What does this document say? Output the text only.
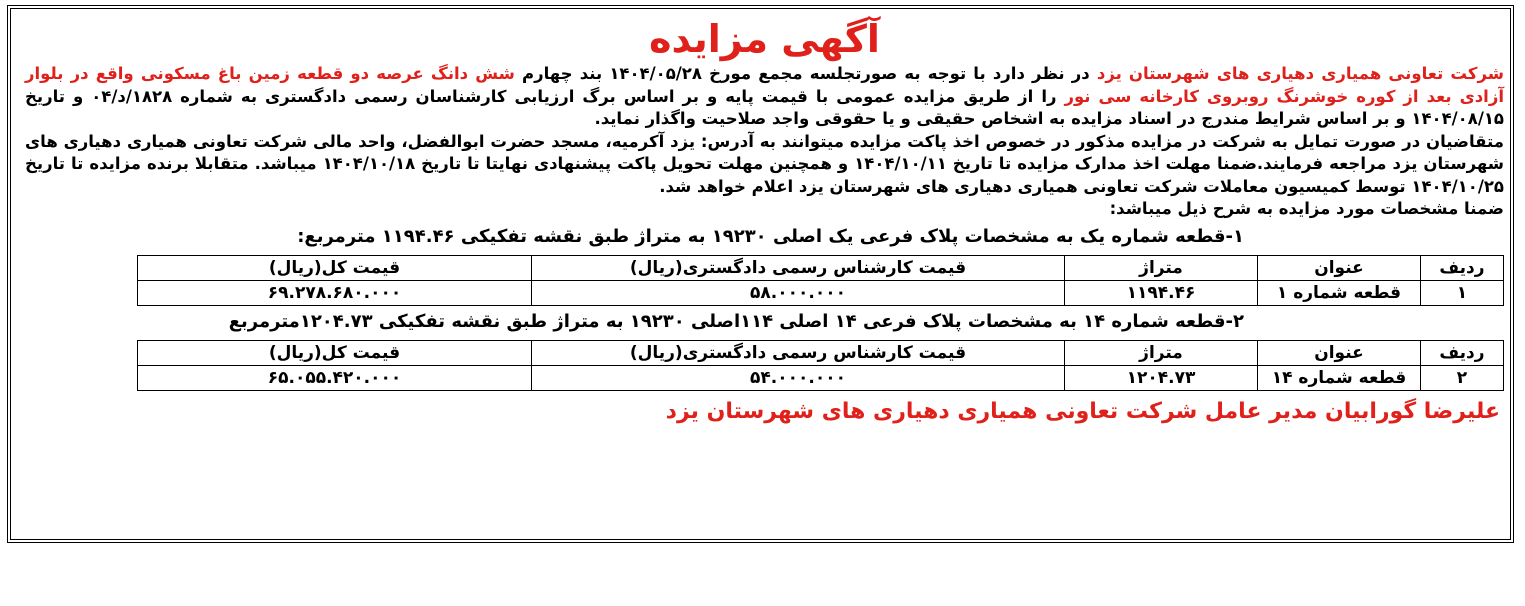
آگهی مزایده

شرکت تعاونی همیاری دهیاری های شهرستان یزد در نظر دارد با توجه به صورتجلسه مجمع مورخ ۱۴۰۴/۰۵/۲۸ بند چهارم شش دانگ عرصه دو قطعه زمین باغ مسکونی واقع در بلوار آزادی بعد از کوره خوشرنگ روبروی کارخانه سی نور را از طریق مزایده عمومی با قیمت پایه و بر اساس برگ ارزیابی کارشناسان رسمی دادگستری به شماره ۱۸۲۸/د/۰۴ و تاریخ ۱۴۰۴/۰۸/۱۵ و بر اساس شرایط مندرج در اسناد مزایده به اشخاص حقیقی و یا حقوقی واجد صلاحیت واگذار نماید.

متقاضیان در صورت تمایل به شرکت در مزایده مذکور در خصوص اخذ پاکت مزایده میتوانند به آدرس: یزد آکرمیه، مسجد حضرت ابوالفضل، واحد مالی شرکت تعاونی همیاری دهیاری های شهرستان یزد مراجعه فرمایند.ضمنا مهلت اخذ مدارک مزایده تا تاریخ ۱۴۰۴/۱۰/۱۱ و همچنین مهلت تحویل پاکت پیشنهادی نهایتا تا تاریخ ۱۴۰۴/۱۰/۱۸ میباشد. متقابلا برنده مزایده تا تاریخ ۱۴۰۴/۱۰/۲۵ توسط کمیسیون معاملات شرکت تعاونی همیاری دهیاری های شهرستان یزد اعلام خواهد شد.

ضمنا مشخصات مورد مزایده به شرح ذیل میباشد:

۱-قطعه شماره یک به مشخصات پلاک فرعی یک اصلی ۱۹۲۳۰ به متراژ طبق نقشه تفکیکی ۱۱۹۴.۴۶ مترمربع:
ردیف	عنوان	متراژ	قیمت کارشناس رسمی دادگستری(ریال)	قیمت کل(ریال)
۱	قطعه شماره ۱	۱۱۹۴.۴۶	۵۸.۰۰۰.۰۰۰	۶۹.۲۷۸.۶۸۰.۰۰۰
۲-قطعه شماره ۱۴ به مشخصات پلاک فرعی ۱۴ اصلی ۱۱۴اصلی ۱۹۲۳۰ به متراژ طبق نقشه تفکیکی ۱۲۰۴.۷۳مترمربع
ردیف	عنوان	متراژ	قیمت کارشناس رسمی دادگستری(ریال)	قیمت کل(ریال)
۲	قطعه شماره ۱۴	۱۲۰۴.۷۳	۵۴.۰۰۰.۰۰۰	۶۵.۰۵۵.۴۲۰.۰۰۰
علیرضا گورابیان مدیر عامل شرکت تعاونی همیاری دهیاری های شهرستان یزد
